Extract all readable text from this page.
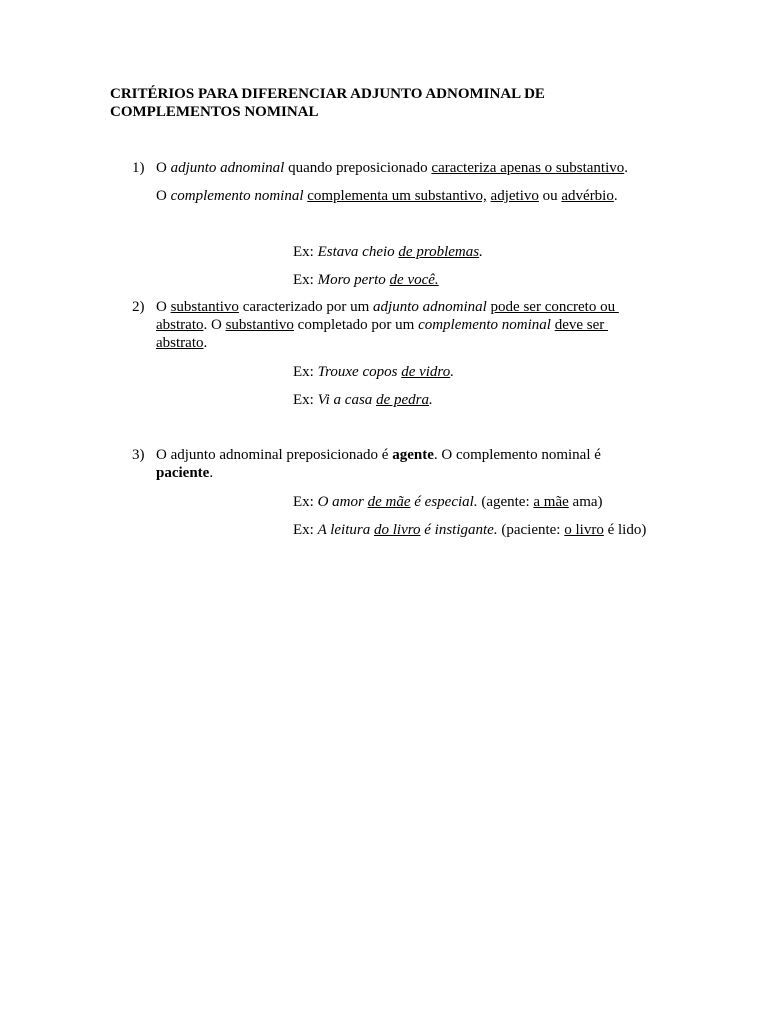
CRITÉRIOS PARA DIFERENCIAR ADJUNTO ADNOMINAL DE
COMPLEMENTOS NOMINAL
1) O adjunto adnominal quando preposicionado caracteriza apenas o substantivo.
O complemento nominal complementa um substantivo, adjetivo ou advérbio.
Ex: Estava cheio de problemas.
Ex: Moro perto de você.
2) O substantivo caracterizado por um adjunto adnominal pode ser concreto ou
abstrato. O substantivo completado por um complemento nominal deve ser
abstrato.
Ex: Trouxe copos de vidro.
Ex: Vi a casa de pedra.
3) O adjunto adnominal preposicionado é agente. O complemento nominal é
paciente.
Ex: O amor de mãe é especial. (agente: a mãe ama)
Ex: A leitura do livro é instigante. (paciente: o livro é lido)
